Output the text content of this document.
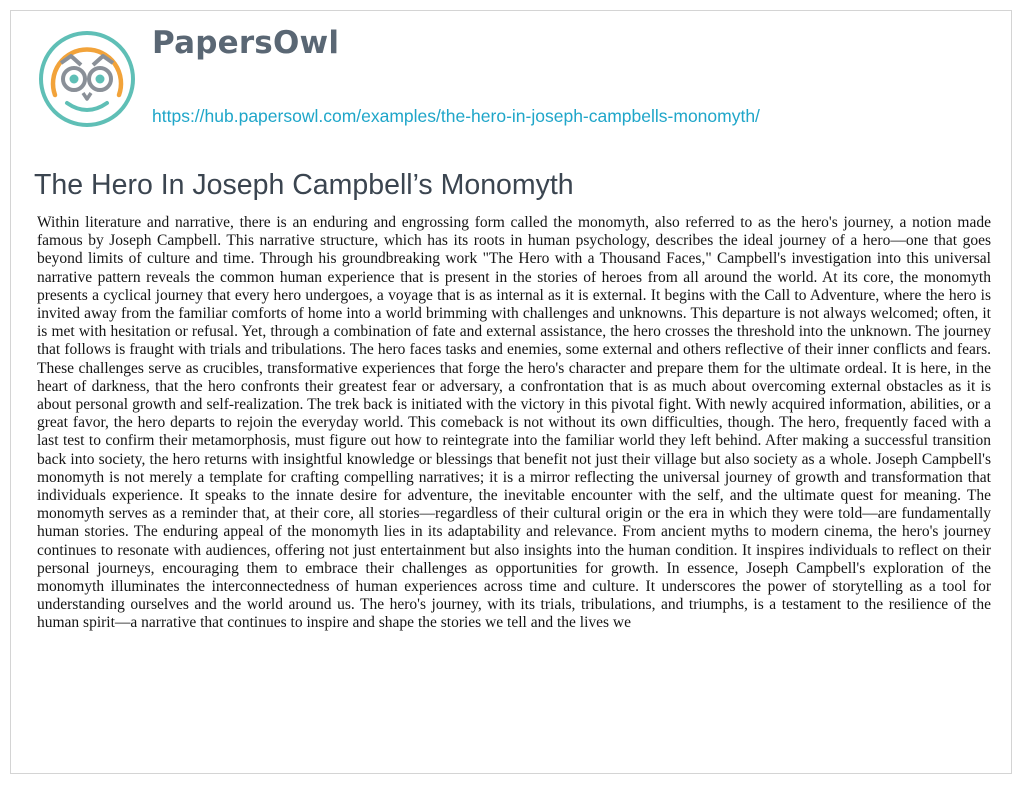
PapersOwl
https://hub.papersowl.com/examples/the-hero-in-joseph-campbells-monomyth/
The Hero In Joseph Campbell’s Monomyth

Within literature and narrative, there is an enduring and engrossing form called the monomyth, also referred to as the hero's journey, a notion made famous by Joseph Campbell. This narrative structure, which has its roots in human psychology, describes the ideal journey of a hero—one that goes beyond limits of culture and time. Through his groundbreaking work "The Hero with a Thousand Faces," Campbell's investigation into this universal narrative pattern reveals the common human experience that is present in the stories of heroes from all around the world. At its core, the monomyth presents a cyclical journey that every hero undergoes, a voyage that is as internal as it is external. It begins with the Call to Adventure, where the hero is invited away from the familiar comforts of home into a world brimming with challenges and unknowns. This departure is not always welcomed; often, it is met with hesitation or refusal. Yet, through a combination of fate and external assistance, the hero crosses the threshold into the unknown. The journey that follows is fraught with trials and tribulations. The hero faces tasks and enemies, some external and others reflective of their inner conflicts and fears. These challenges serve as crucibles, transformative experiences that forge the hero's character and prepare them for the ultimate ordeal. It is here, in the heart of darkness, that the hero confronts their greatest fear or adversary, a confrontation that is as much about overcoming external obstacles as it is about personal growth and self-realization. The trek back is initiated with the victory in this pivotal fight. With newly acquired information, abilities, or a great favor, the hero departs to rejoin the everyday world. This comeback is not without its own difficulties, though. The hero, frequently faced with a last test to confirm their metamorphosis, must figure out how to reintegrate into the familiar world they left behind. After making a successful transition back into society, the hero returns with insightful knowledge or blessings that benefit not just their village but also society as a whole. Joseph Campbell's monomyth is not merely a template for crafting compelling narratives; it is a mirror reflecting the universal journey of growth and transformation that individuals experience. It speaks to the innate desire for adventure, the inevitable encounter with the self, and the ultimate quest for meaning. The monomyth serves as a reminder that, at their core, all stories—regardless of their cultural origin or the era in which they were told—are fundamentally human stories. The enduring appeal of the monomyth lies in its adaptability and relevance. From ancient myths to modern cinema, the hero's journey continues to resonate with audiences, offering not just entertainment but also insights into the human condition. It inspires individuals to reflect on their personal journeys, encouraging them to embrace their challenges as opportunities for growth. In essence, Joseph Campbell's exploration of the monomyth illuminates the interconnectedness of human experiences across time and culture. It underscores the power of storytelling as a tool for understanding ourselves and the world around us. The hero's journey, with its trials, tribulations, and triumphs, is a testament to the resilience of the human spirit—a narrative that continues to inspire and shape the stories we tell and the lives we
